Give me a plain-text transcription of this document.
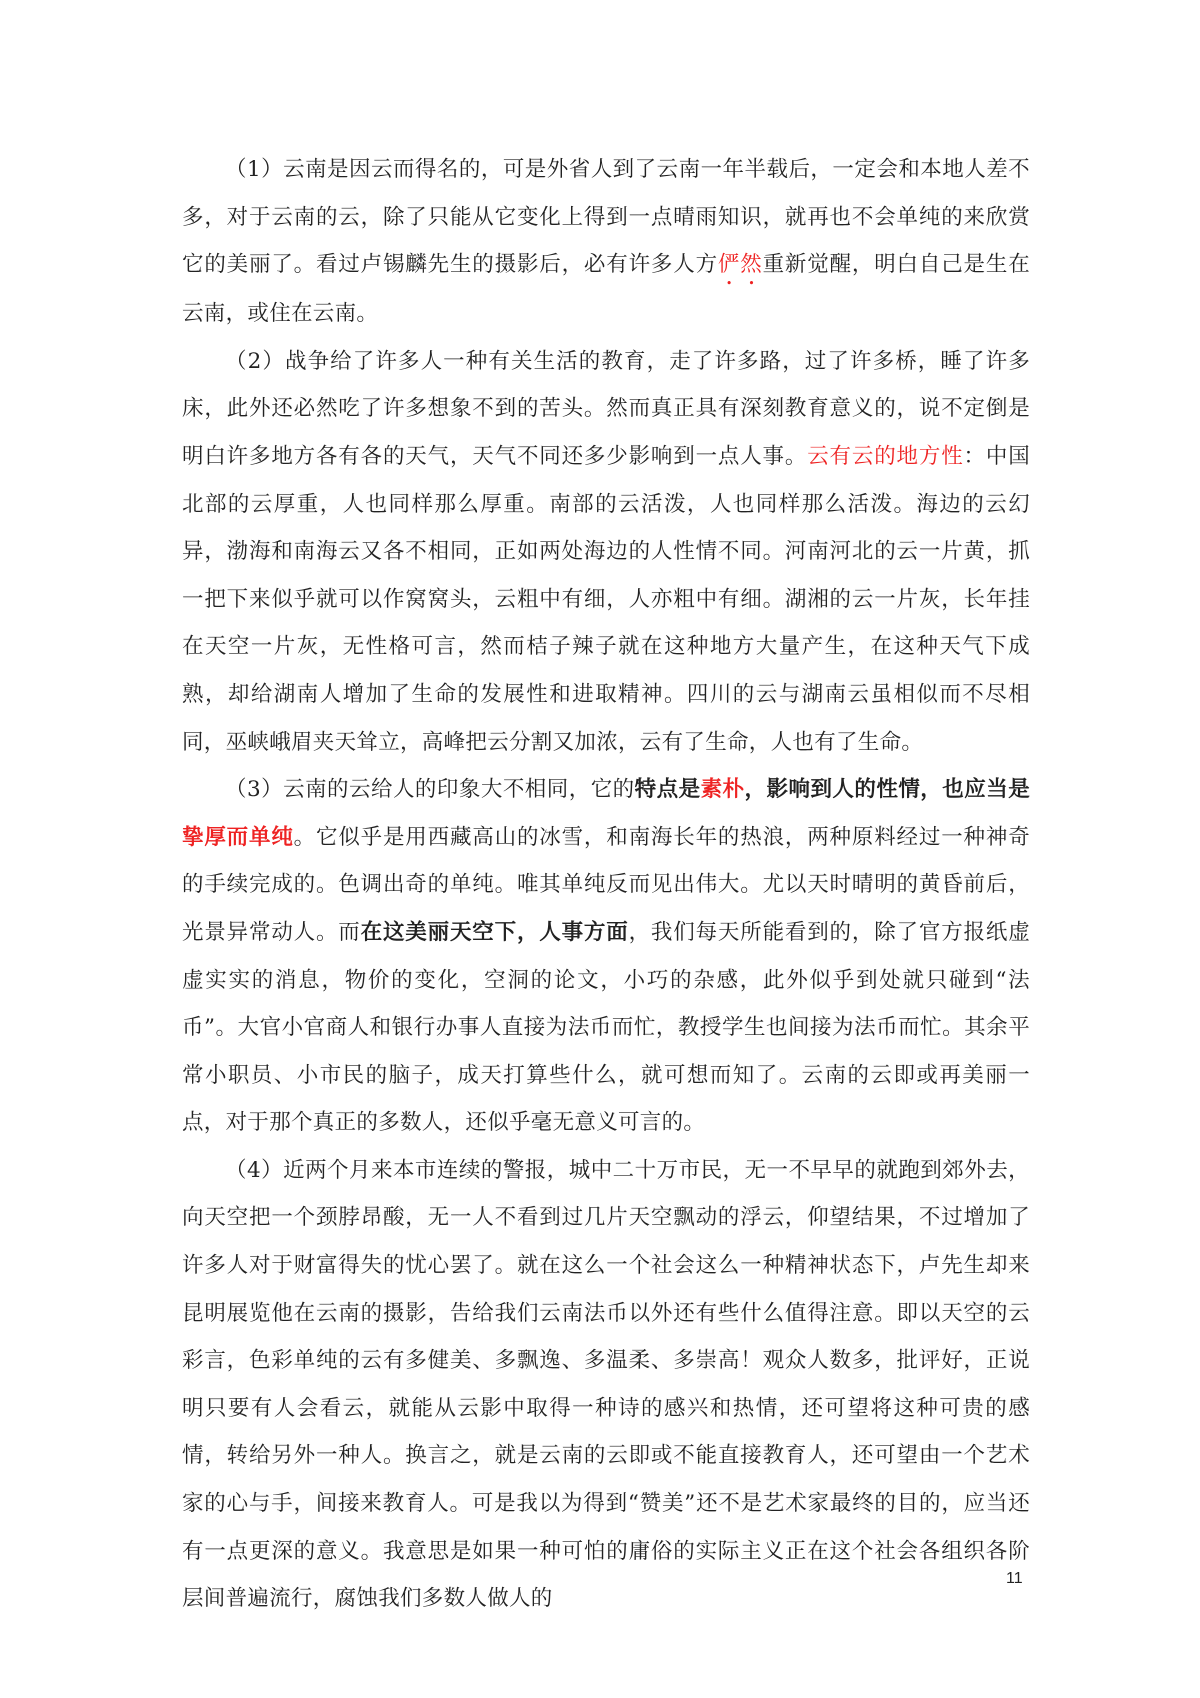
（1）云南是因云而得名的，可是外省人到了云南一年半载后，一定会和本地人差不多，对于云南的云，除了只能从它变化上得到一点晴雨知识，就再也不会单纯的来欣赏它的美丽了。看过卢锡麟先生的摄影后，必有许多人方俨然重新觉醒，明白自己是生在云南，或住在云南。

（2）战争给了许多人一种有关生活的教育，走了许多路，过了许多桥，睡了许多床，此外还必然吃了许多想象不到的苦头。然而真正具有深刻教育意义的，说不定倒是明白许多地方各有各的天气，天气不同还多少影响到一点人事。云有云的地方性：中国北部的云厚重，人也同样那么厚重。南部的云活泼，人也同样那么活泼。海边的云幻异，渤海和南海云又各不相同，正如两处海边的人性情不同。河南河北的云一片黄，抓一把下来似乎就可以作窝窝头，云粗中有细，人亦粗中有细。湖湘的云一片灰，长年挂在天空一片灰，无性格可言，然而桔子辣子就在这种地方大量产生，在这种天气下成熟，却给湖南人增加了生命的发展性和进取精神。四川的云与湖南云虽相似而不尽相同，巫峡峨眉夹天耸立，高峰把云分割又加浓，云有了生命，人也有了生命。

（3）云南的云给人的印象大不相同，它的特点是素朴，影响到人的性情，也应当是挚厚而单纯。它似乎是用西藏高山的冰雪，和南海长年的热浪，两种原料经过一种神奇的手续完成的。色调出奇的单纯。唯其单纯反而见出伟大。尤以天时晴明的黄昏前后，光景异常动人。而在这美丽天空下，人事方面，我们每天所能看到的，除了官方报纸虚虚实实的消息，物价的变化，空洞的论文，小巧的杂感，此外似乎到处就只碰到“法币”。大官小官商人和银行办事人直接为法币而忙，教授学生也间接为法币而忙。其余平常小职员、小市民的脑子，成天打算些什么，就可想而知了。云南的云即或再美丽一点，对于那个真正的多数人，还似乎毫无意义可言的。

（4）近两个月来本市连续的警报，城中二十万市民，无一不早早的就跑到郊外去，向天空把一个颈脖昂酸，无一人不看到过几片天空飘动的浮云，仰望结果，不过增加了许多人对于财富得失的忧心罢了。就在这么一个社会这么一种精神状态下，卢先生却来昆明展览他在云南的摄影，告给我们云南法币以外还有些什么值得注意。即以天空的云彩言，色彩单纯的云有多健美、多飘逸、多温柔、多崇高！观众人数多，批评好，正说明只要有人会看云，就能从云影中取得一种诗的感兴和热情，还可望将这种可贵的感情，转给另外一种人。换言之，就是云南的云即或不能直接教育人，还可望由一个艺术家的心与手，间接来教育人。可是我以为得到“赞美”还不是艺术家最终的目的，应当还有一点更深的意义。我意思是如果一种可怕的庸俗的实际主义正在这个社会各组织各阶层间普遍流行，腐蚀我们多数人做人的

11
